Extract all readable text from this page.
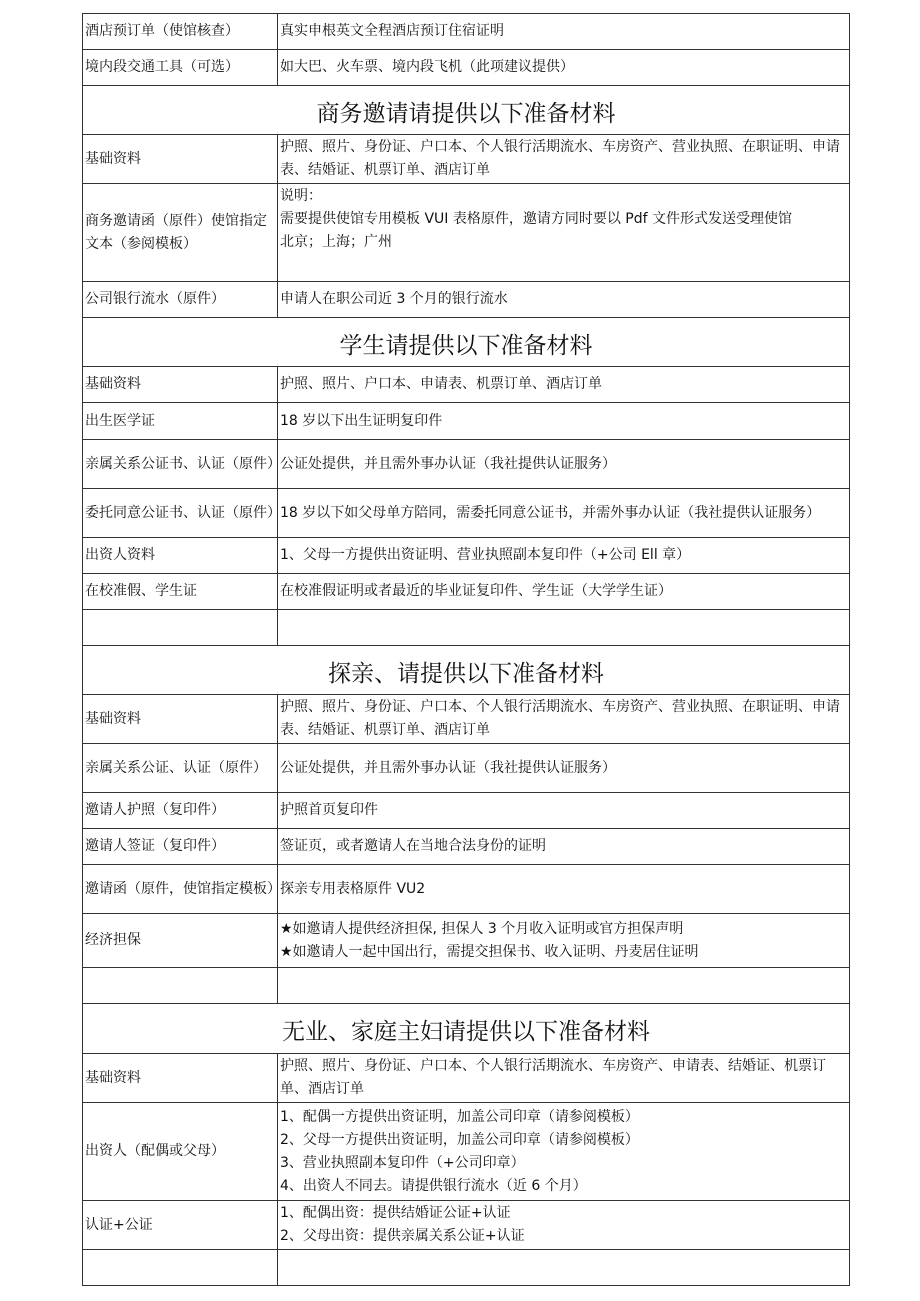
酒店预订单（使馆核查）	真实申根英文全程酒店预订住宿证明
境内段交通工具（可选）	如大巴、火车票、境内段飞机（此项建议提供）
商务邀请请提供以下准备材料	
基础资料	护照、照片、身份证、户口本、个人银行活期流水、车房资产、营业执照、在职证明、申请表、结婚证、机票订单、酒店订单
商务邀请函（原件）使馆指定文本（参阅模板）	说明：
需要提供使馆专用模板 VUI 表格原件，邀请方同时要以 Pdf 文件形式发送受理使馆
北京；上海；广州

公司银行流水（原件）	申请人在职公司近 3 个月的银行流水
学生请提供以下准备材料	
基础资料	护照、照片、户口本、申请表、机票订单、酒店订单
出生医学证	18 岁以下出生证明复印件
亲属关系公证书、认证（原件）	公证处提供，并且需外事办认证（我社提供认证服务）
委托同意公证书、认证（原件）	18 岁以下如父母单方陪同，需委托同意公证书，并需外事办认证（我社提供认证服务）
出资人资料	1、父母一方提供出资证明、营业执照副本复印件（+公司 Ell 章）
在校准假、学生证	在校准假证明或者最近的毕业证复印件、学生证（大学学生证）

探亲、请提供以下准备材料	
基础资料	护照、照片、身份证、户口本、个人银行活期流水、车房资产、营业执照、在职证明、申请表、结婚证、机票订单、酒店订单
亲属关系公证、认证（原件）	公证处提供，并且需外事办认证（我社提供认证服务）
邀请人护照（复印件）	护照首页复印件
邀请人签证（复印件）	签证页，或者邀请人在当地合法身份的证明
邀请函（原件，使馆指定模板）	探亲专用表格原件 VU2
经济担保	★如邀请人提供经济担保, 担保人 3 个月收入证明或官方担保声明
★如邀请人一起中国出行，需提交担保书、收入证明、丹麦居住证明

无业、家庭主妇请提供以下准备材料	
基础资料	护照、照片、身份证、户口本、个人银行活期流水、车房资产、申请表、结婚证、机票订单、酒店订单
出资人（配偶或父母）	1、配偶一方提供出资证明，加盖公司印章（请参阅模板）
2、父母一方提供出资证明，加盖公司印章（请参阅模板）
3、营业执照副本复印件（+公司印章）
4、出资人不同去。请提供银行流水（近 6 个月）

认证+公证	1、配偶出资：提供结婚证公证+认证
2、父母出资：提供亲属关系公证+认证
